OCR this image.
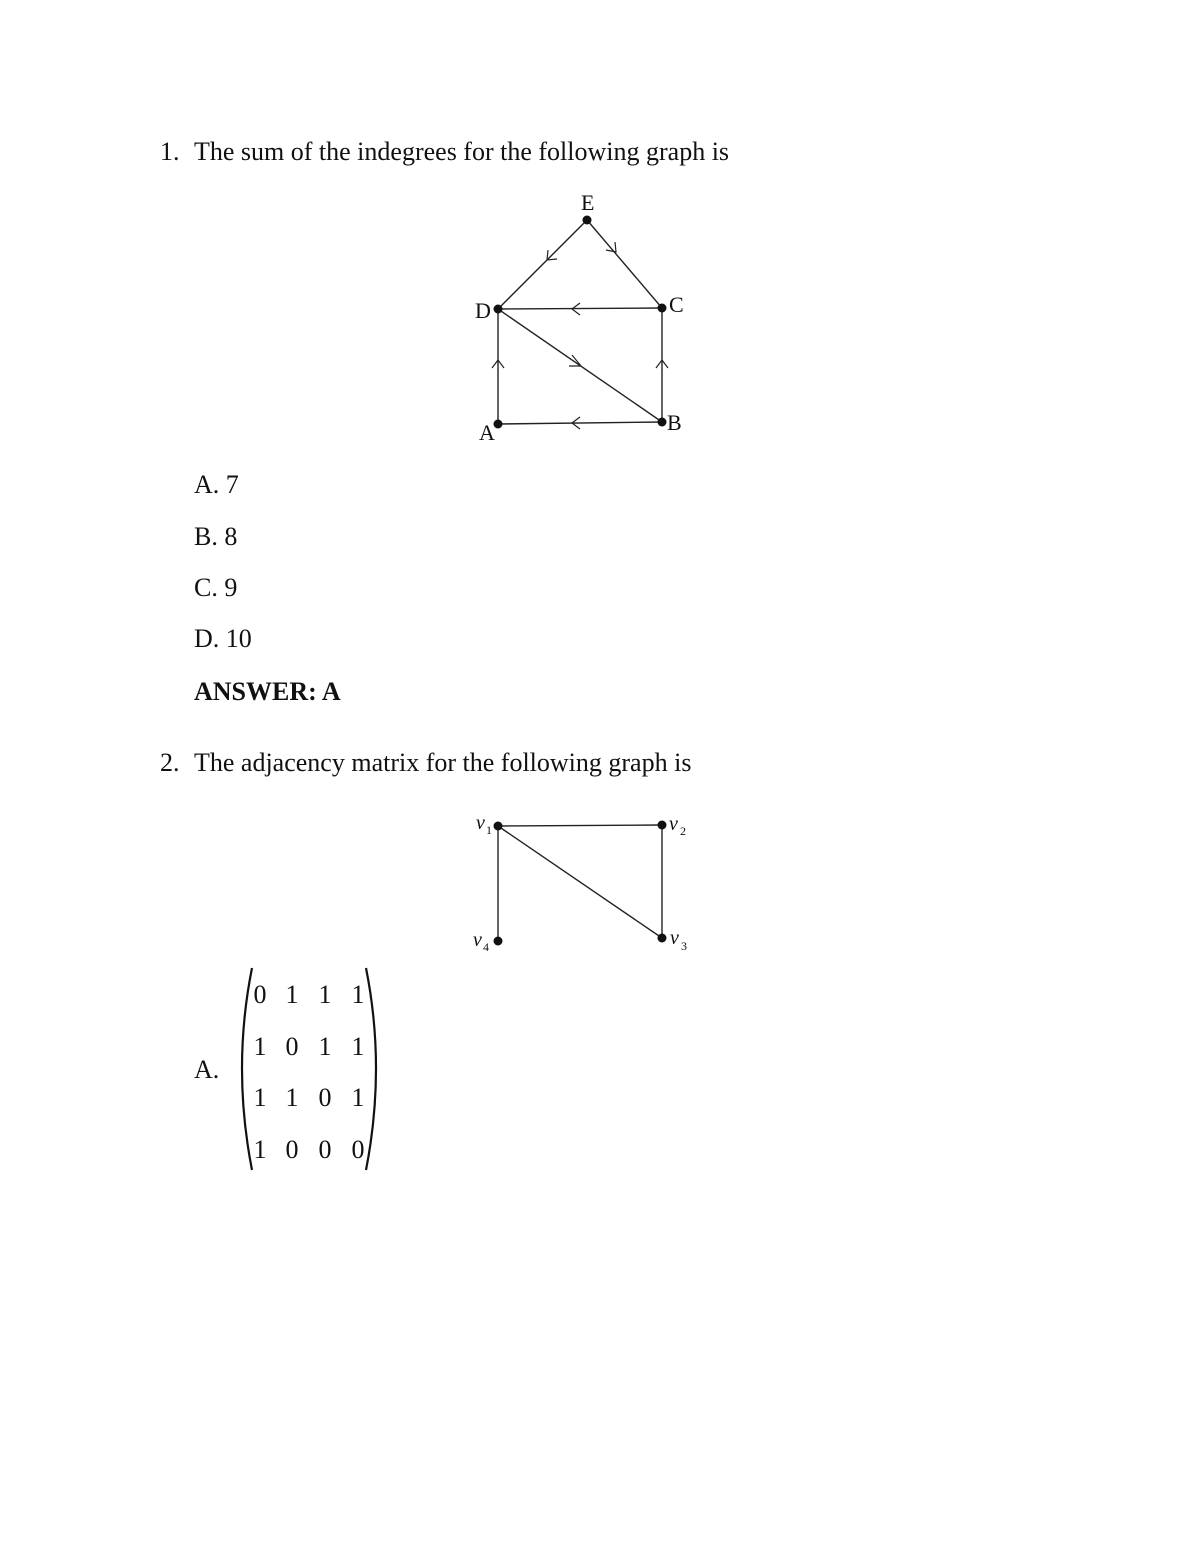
1. The sum of the indegrees for the following graph is
E
D	C
A	B
v 1	v 2
v 3
v 4
A. 7
B. 8
C. 9
D. 10
ANSWER: A
2. The adjacency matrix for the following graph is
A.
0 1 1 1
1 0 1 1
1 1 0 1
1 0 0 0
